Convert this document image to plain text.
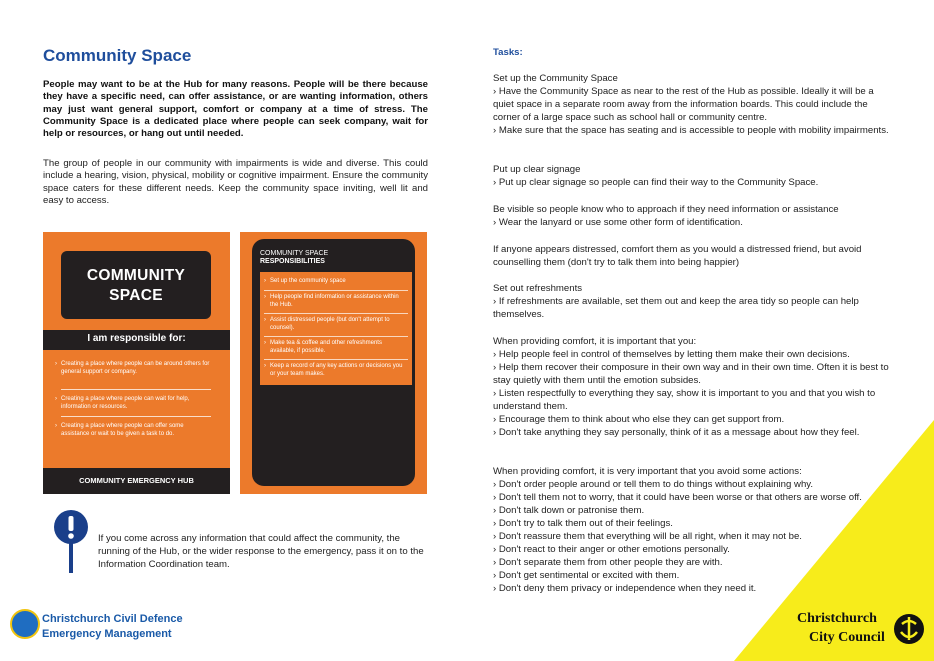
Community Space
People may want to be at the Hub for many reasons. People will be there because they have a specific need, can offer assistance, or are wanting information, others may just want general support, comfort or company at a time of stress. The Community Space is a dedicated place where people can seek company, wait for help or resources, or hang out until needed.
The group of people in our community with impairments is wide and diverse. This could include a hearing, vision, physical, mobility or cognitive impairment. Ensure the community space caters for these different needs. Keep the community space inviting, well lit and easy to access.
COMMUNITY
SPACE
I am responsible for:
› Creating a place where people can be around others for general support or company.
› Creating a place where people can wait for help, information or resources.
› Creating a place where people can offer some assistance or wait to be given a task to do.
COMMUNITY EMERGENCY HUB
COMMUNITY SPACE
RESPONSIBILITIES
› Set up the community space
› Help people find information or assistance within the Hub.
› Assist distressed people (but don't attempt to counsel).
› Make tea & coffee and other refreshments available, if possible.
› Keep a record of any key actions or decisions you or your team makes.
If you come across any information that could affect the community, the running of the Hub, or the wider response to the emergency, pass it on to the Information Coordination team.
Christchurch Civil Defence
Emergency Management
Tasks:

Set up the Community Space

› Have the Community Space as near to the rest of the Hub as possible. Ideally it will be a quiet space in a separate room away from the information boards. This could include the corner of a large space such as school hall or community centre.

› Make sure that the space has seating and is accessible to people with mobility impairments.

Put up clear signage

› Put up clear signage so people can find their way to the Community Space.

Be visible so people know who to approach if they need information or assistance

› Wear the lanyard or use some other form of identification.

If anyone appears distressed, comfort them as you would a distressed friend, but avoid counselling them (don't try to talk them into being happier)

Set out refreshments

› If refreshments are available, set them out and keep the area tidy so people can help themselves.

When providing comfort, it is important that you:

› Help people feel in control of themselves by letting them make their own decisions.

› Help them recover their composure in their own way and in their own time. Often it is best to stay quietly with them until the emotion subsides.

› Listen respectfully to everything they say, show it is important to you and that you wish to understand them.

› Encourage them to think about who else they can get support from.

› Don't take anything they say personally, think of it as a message about how they feel.

When providing comfort, it is very important that you avoid some actions:

› Don't order people around or tell them to do things without explaining why.

› Don't tell them not to worry, that it could have been worse or that others are worse off.

› Don't talk down or patronise them.

› Don't try to talk them out of their feelings.

› Don't reassure them that everything will be all right, when it may not be.

› Don't react to their anger or other emotions personally.

› Don't separate them from other people they are with.

› Don't get sentimental or excited with them.

› Don't deny them privacy or independence when they need it.

Christchurch
City Council
